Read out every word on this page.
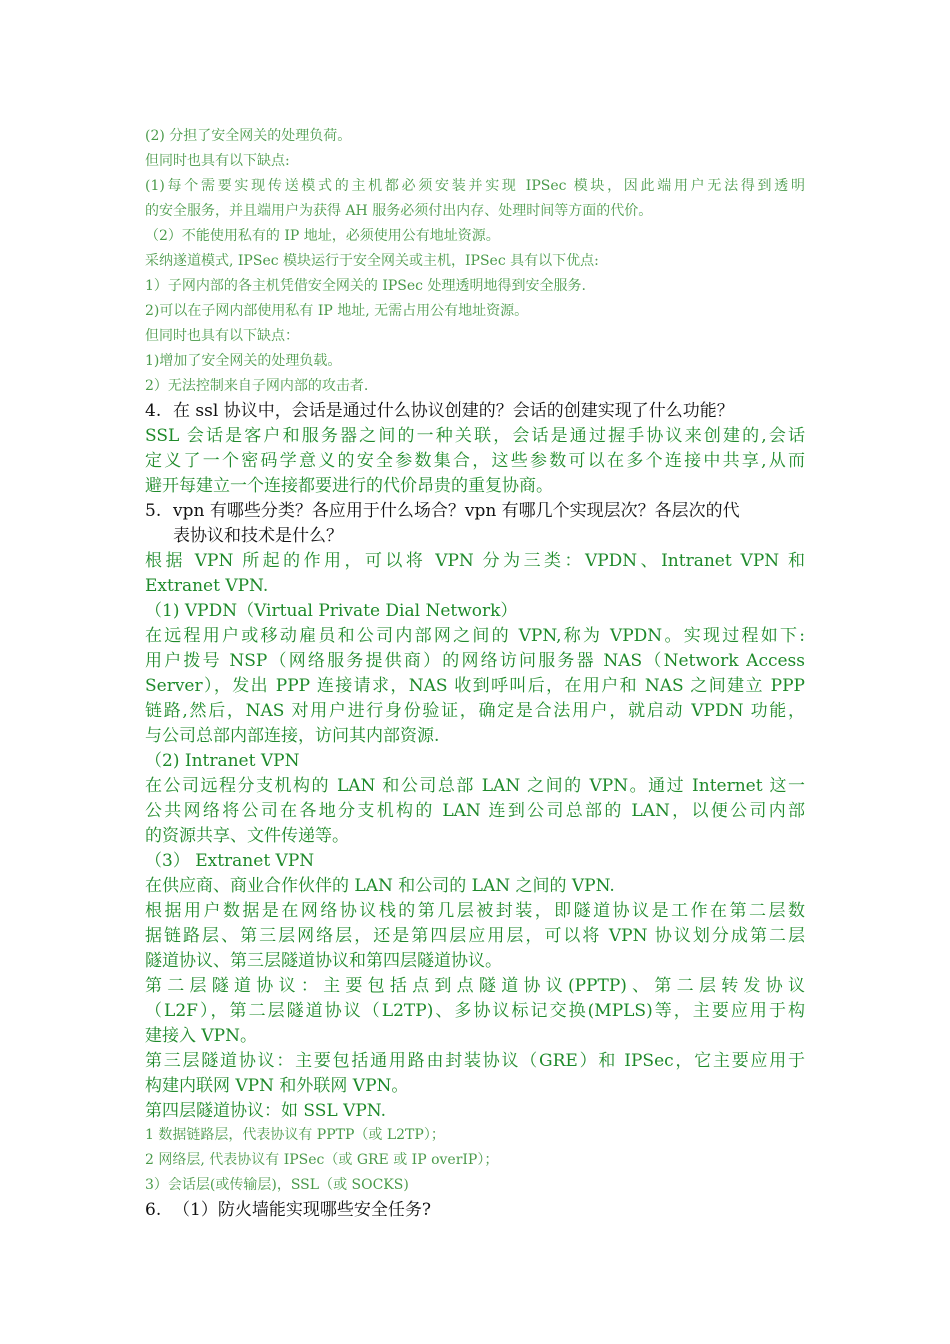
(2) 分担了安全网关的处理负荷。

但同时也具有以下缺点:

(1)每个需要实现传送模式的主机都必须安装并实现 IPSec 模块，因此端用户无法得到透明

的安全服务，并且端用户为获得 AH 服务必须付出内存、处理时间等方面的代价。

（2）不能使用私有的 IP 地址，必须使用公有地址资源。

采纳遂道模式, IPSec 模块运行于安全网关或主机，IPSec 具有以下优点:

1）子网内部的各主机凭借安全网关的 IPSec 处理透明地得到安全服务.

2)可以在子网内部使用私有 IP 地址, 无需占用公有地址资源。

但同时也具有以下缺点：

1)增加了安全网关的处理负载。

2）无法控制来自子网内部的攻击者.

4. 在 ssl 协议中，会话是通过什么协议创建的？会话的创建实现了什么功能？

SSL 会话是客户和服务器之间的一种关联，会话是通过握手协议来创建的,会话

定义了一个密码学意义的安全参数集合，这些参数可以在多个连接中共享,从而

避开每建立一个连接都要进行的代价昂贵的重复协商。

5. vpn 有哪些分类？各应用于什么场合？vpn 有哪几个实现层次？各层次的代

表协议和技术是什么？

根据 VPN 所起的作用，可以将 VPN 分为三类：VPDN、Intranet VPN 和

Extranet VPN.

（1) VPDN（Virtual Private Dial Network）

在远程用户或移动雇员和公司内部网之间的 VPN,称为 VPDN。实现过程如下:

用户拨号 NSP（网络服务提供商）的网络访问服务器 NAS（Network Access

Server），发出 PPP 连接请求，NAS 收到呼叫后，在用户和 NAS 之间建立 PPP

链路,然后，NAS 对用户进行身份验证，确定是合法用户，就启动 VPDN 功能，

与公司总部内部连接，访问其内部资源.

（2) Intranet VPN

在公司远程分支机构的 LAN 和公司总部 LAN 之间的 VPN。通过 Internet 这一

公共网络将公司在各地分支机构的 LAN 连到公司总部的 LAN，以便公司内部

的资源共享、文件传递等。

（3） Extranet VPN

在供应商、商业合作伙伴的 LAN 和公司的 LAN 之间的 VPN.

根据用户数据是在网络协议栈的第几层被封装，即隧道协议是工作在第二层数

据链路层、第三层网络层，还是第四层应用层，可以将 VPN 协议划分成第二层

隧道协议、第三层隧道协议和第四层隧道协议。

第二层隧道协议：主要包括点到点隧道协议(PPTP)、第二层转发协议

（L2F），第二层隧道协议（L2TP)、多协议标记交换(MPLS)等，主要应用于构

建接入 VPN。

第三层隧道协议：主要包括通用路由封装协议（GRE）和 IPSec，它主要应用于

构建内联网 VPN 和外联网 VPN。

第四层隧道协议：如 SSL VPN.

1 数据链路层，代表协议有 PPTP（或 L2TP）；

2 网络层, 代表协议有 IPSec（或 GRE 或 IP overIP）；

3）会话层(或传输层)，SSL（或 SOCKS)

6. （1）防火墙能实现哪些安全任务?
